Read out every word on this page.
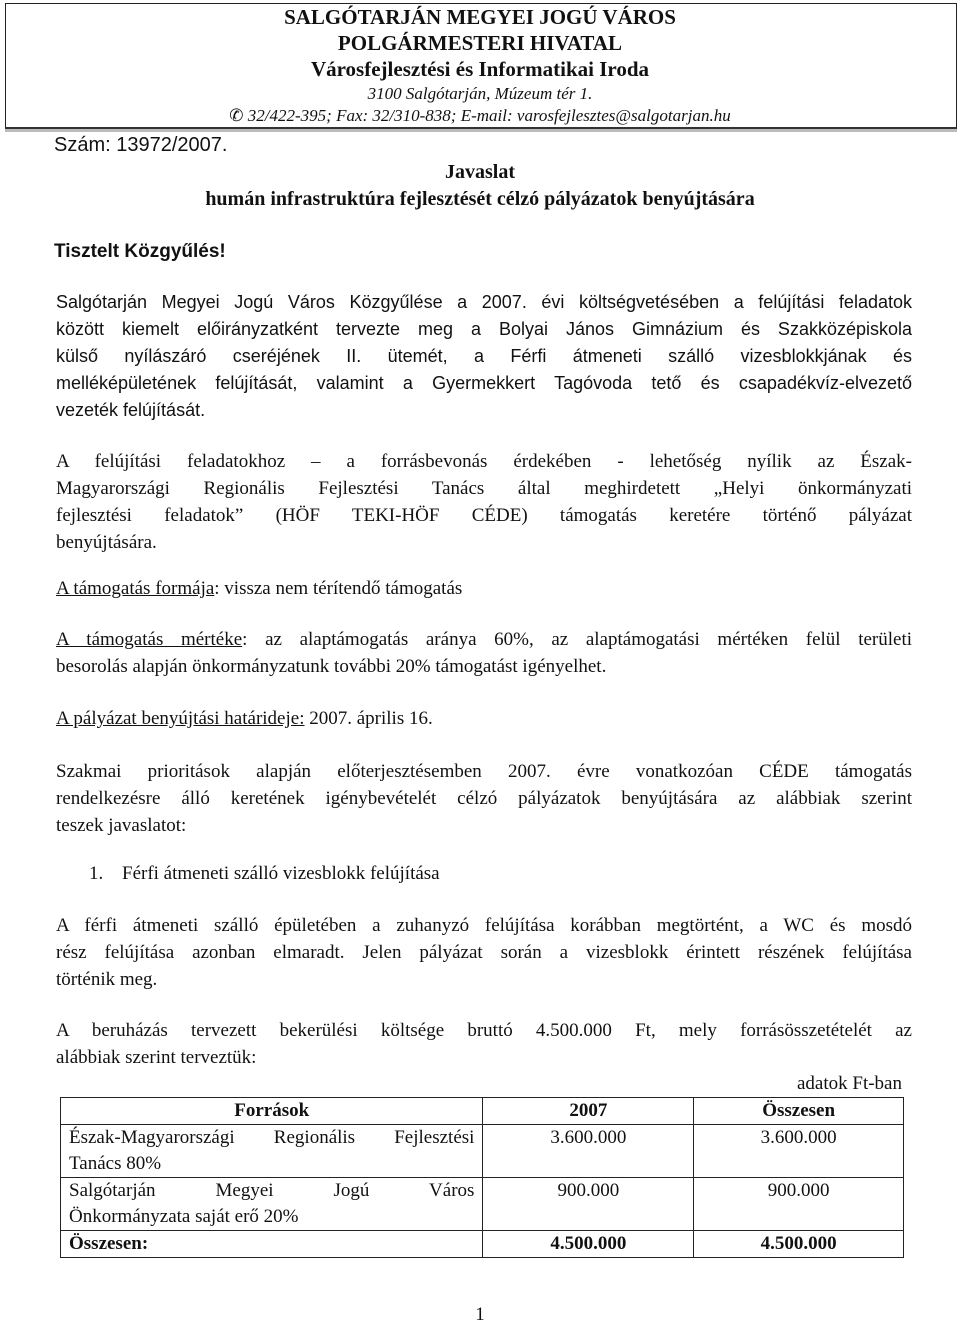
SALGÓTARJÁN MEGYEI JOGÚ VÁROS
POLGÁRMESTERI HIVATAL
Városfejlesztési és Informatikai Iroda
3100 Salgótarján, Múzeum tér 1.
✆ 32/422-395; Fax: 32/310-838; E-mail: varosfejlesztes@salgotarjan.hu
Szám: 13972/2007.
Javaslat
humán infrastruktúra fejlesztését célzó pályázatok benyújtására
Tisztelt Közgyűlés!
Salgótarján Megyei Jogú Város Közgyűlése a 2007. évi költségvetésében a felújítási feladatok
között kiemelt előirányzatként tervezte meg a Bolyai János Gimnázium és Szakközépiskola
külső nyílászáró cseréjének II. ütemét, a Férfi átmeneti szálló vizesblokkjának és
melléképületének felújítását, valamint a Gyermekkert Tagóvoda tető és csapadékvíz-elvezető
vezeték felújítását.
A felújítási feladatokhoz – a forrásbevonás érdekében - lehetőség nyílik az Észak-
Magyarországi Regionális Fejlesztési Tanács által meghirdetett „Helyi önkormányzati
fejlesztési feladatok” (HÖF TEKI-HÖF CÉDE) támogatás keretére történő pályázat
benyújtására.
A támogatás formája: vissza nem térítendő támogatás
A támogatás mértéke: az alaptámogatás aránya 60%, az alaptámogatási mértéken felül területi
besorolás alapján önkormányzatunk további 20% támogatást igényelhet.
A pályázat benyújtási határideje: 2007. április 16.
Szakmai prioritások alapján előterjesztésemben 2007. évre vonatkozóan CÉDE támogatás
rendelkezésre álló keretének igénybevételét célzó pályázatok benyújtására az alábbiak szerint
teszek javaslatot:
1. Férfi átmeneti szálló vizesblokk felújítása
A férfi átmeneti szálló épületében a zuhanyzó felújítása korábban megtörtént, a WC és mosdó
rész felújítása azonban elmaradt. Jelen pályázat során a vizesblokk érintett részének felújítása
történik meg.
A beruházás tervezett bekerülési költsége bruttó 4.500.000 Ft, mely forrásösszetételét az
alábbiak szerint terveztük:
adatok Ft-ban
Források	2007	Összesen

Észak-Magyarországi Regionális Fejlesztési
Tanács 80%	3.600.000	3.600.000

Salgótarján Megyei Jogú Város
Önkormányzata saját erő 20%	900.000	900.000
Összesen:	4.500.000	4.500.000
1
